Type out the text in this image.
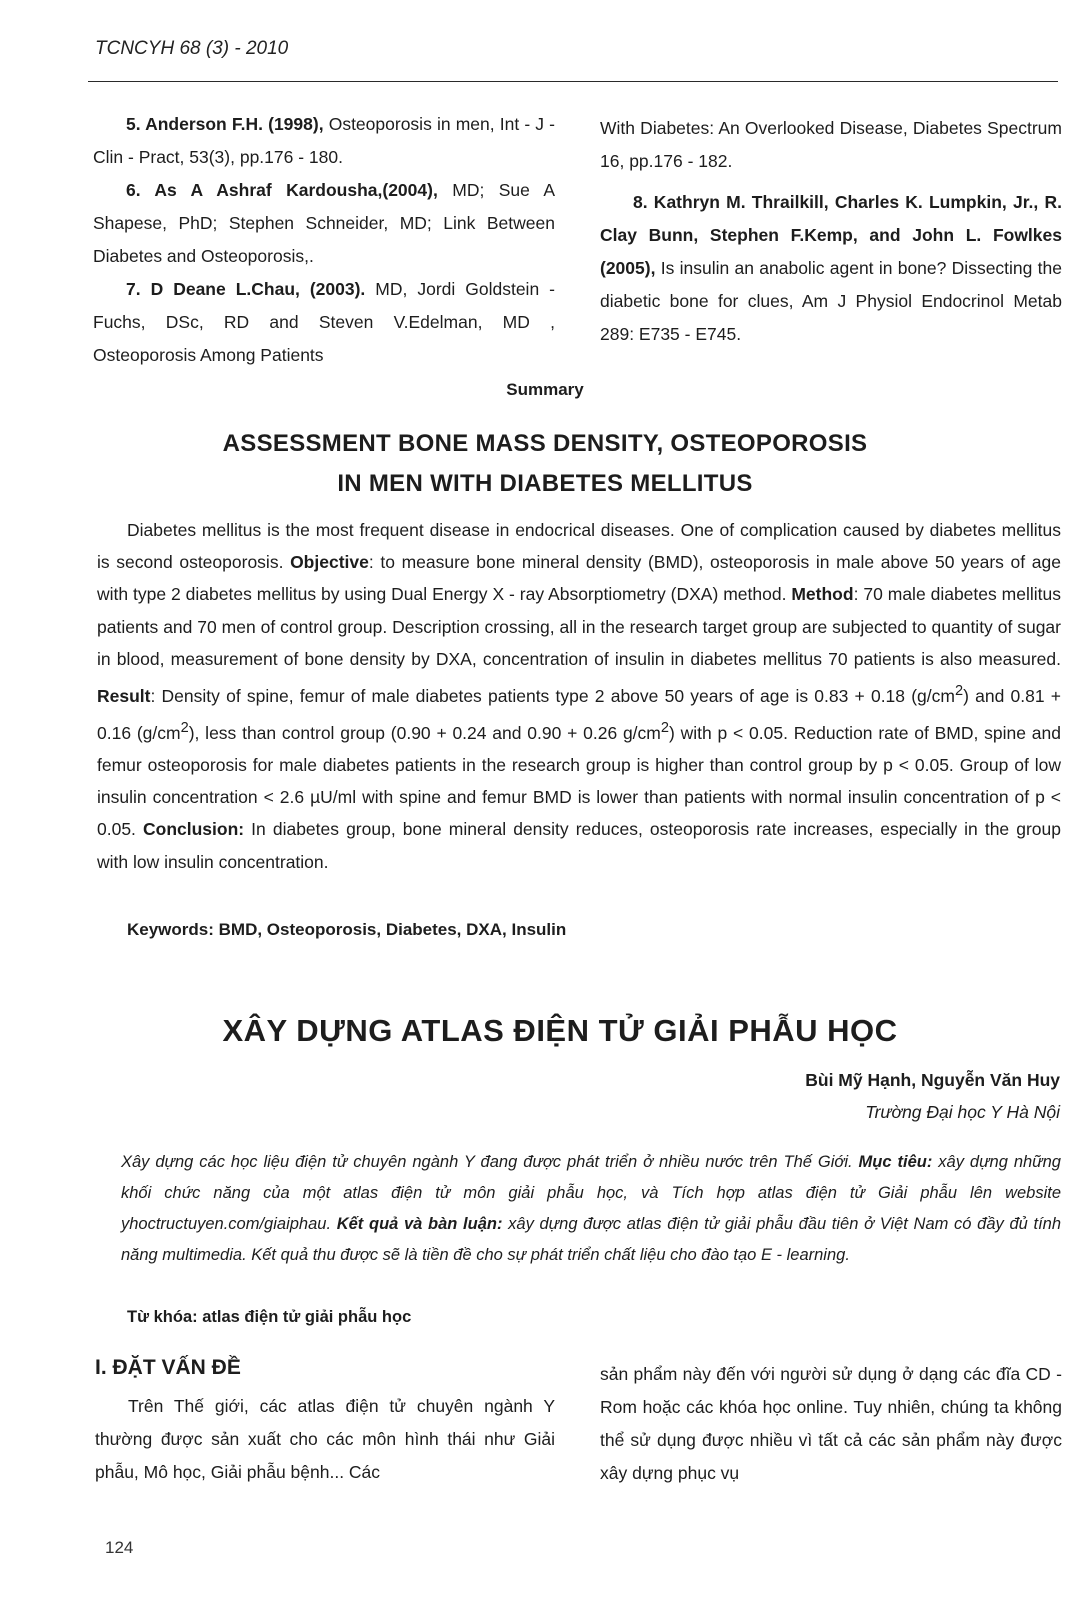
TCNCYH 68 (3) - 2010

5. Anderson F.H. (1998), Osteoporosis in men, Int - J - Clin - Pract, 53(3), pp.176 - 180.

6. As A Ashraf Kardousha,(2004), MD; Sue A Shapese, PhD; Stephen Schneider, MD; Link Between Diabetes and Osteoporosis,.

7. D Deane L.Chau, (2003). MD, Jordi Goldstein - Fuchs, DSc, RD and Steven V.Edelman, MD , Osteoporosis Among Patients

With Diabetes: An Overlooked Disease, Diabetes Spectrum 16, pp.176 - 182.

8. Kathryn M. Thrailkill, Charles K. Lumpkin, Jr., R. Clay Bunn, Stephen F.Kemp, and John L. Fowlkes (2005), Is insulin an anabolic agent in bone? Dissecting the diabetic bone for clues, Am J Physiol Endocrinol Metab 289: E735 - E745.

Summary
ASSESSMENT BONE MASS DENSITY, OSTEOPOROSIS
IN MEN WITH DIABETES MELLITUS

Diabetes mellitus is the most frequent disease in endocrical diseases. One of complication caused by diabetes mellitus is second osteoporosis. Objective: to measure bone mineral density (BMD), osteoporosis in male above 50 years of age with type 2 diabetes mellitus by using Dual Energy X - ray Absorptiometry (DXA) method. Method: 70 male diabetes mellitus patients and 70 men of control group. Description crossing, all in the research target group are subjected to quantity of sugar in blood, measurement of bone density by DXA, concentration of insulin in diabetes mellitus 70 patients is also measured. Result: Density of spine, femur of male diabetes patients type 2 above 50 years of age is 0.83 + 0.18 $(g/cm^2)$ and 0.81 + 0.16 $(g/cm^2)$, less than control group (0.90 + 0.24 and 0.90 + 0.26 $g/cm^2$) with p < 0.05. Reduction rate of BMD, spine and femur osteoporosis for male diabetes patients in the research group is higher than control group by p < 0.05. Group of low insulin concentration < 2.6 µU/ml with spine and femur BMD is lower than patients with normal insulin concentration of p < 0.05. Conclusion: In diabetes group, bone mineral density reduces, osteoporosis rate increases, especially in the group with low insulin concentration.

Keywords: BMD, Osteoporosis, Diabetes, DXA, Insulin
XÂY DỰNG ATLAS ĐIỆN TỬ GIẢI PHẪU HỌC
Bùi Mỹ Hạnh, Nguyễn Văn Huy
Trường Đại học Y Hà Nội

Xây dựng các học liệu điện tử chuyên ngành Y đang được phát triển ở nhiều nước trên Thế Giới. Mục tiêu: xây dựng những khối chức năng của một atlas điện tử môn giải phẫu học, và Tích hợp atlas điện tử Giải phẫu lên website yhoctructuyen.com/giaiphau. Kết quả và bàn luận: xây dựng được atlas điện tử giải phẫu đầu tiên ở Việt Nam có đầy đủ tính năng multimedia. Kết quả thu được sẽ là tiền đề cho sự phát triển chất liệu cho đào tạo E - learning.

Từ khóa: atlas điện tử giải phẫu học
I. ĐẶT VẤN ĐỀ

Trên Thế giới, các atlas điện tử chuyên ngành Y thường được sản xuất cho các môn hình thái như Giải phẫu, Mô học, Giải phẫu bệnh... Các

sản phẩm này đến với người sử dụng ở dạng các đĩa CD - Rom hoặc các khóa học online. Tuy nhiên, chúng ta không thể sử dụng được nhiều vì tất cả các sản phẩm này được xây dựng phục vụ

124
